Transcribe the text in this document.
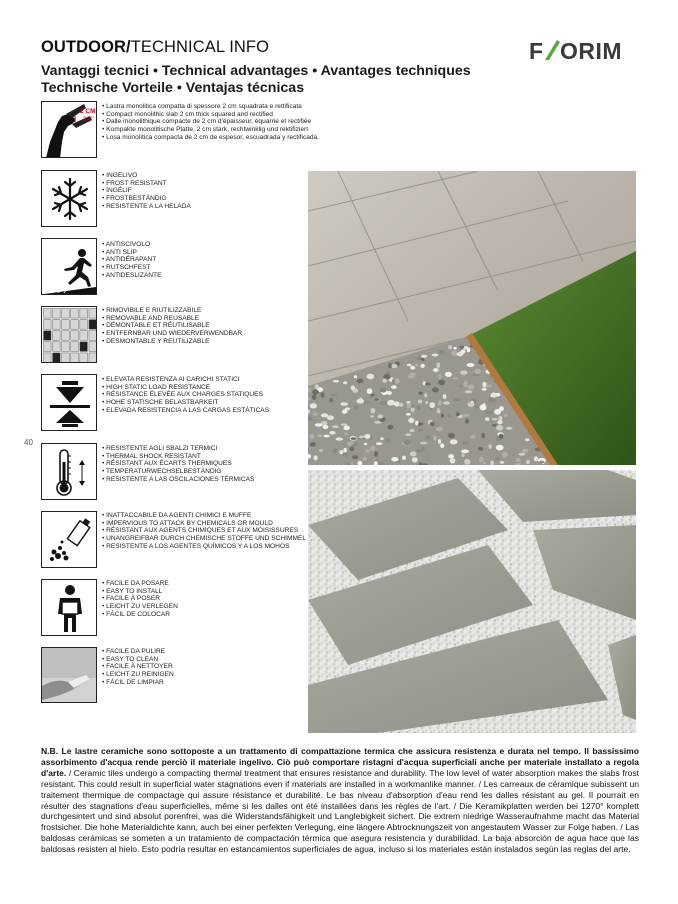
OUTDOOR/TECHNICAL INFO	F ORIM
Vantaggi tecnici • Technical advantages • Avantages techniques
Technische Vorteile • Ventajas técnicas
40
2 CM
3/4"
• Lastra monolitica compatta di spessore 2 cm squadrata e rettificata
• Compact monolithic slab 2 cm thick squared and rectified
• Dalle monolithique compacte de 2 cm d'épaisseur, équarrie et rectifiée
• Kompakte monolitische Platte, 2 cm stark, rechtwinklig und rektifiziert
• Losa monolítica compacta de 2 cm de espesor, escuadrada y rectificada.
• INGELIVO
• FROST RESISTANT
• INGÉLIF
• FROSTBESTÄNDIG
• RESISTENTE A LA HELADA
• ANTISCIVOLO
• ANTI SLIP
• ANTIDÉRAPANT
• RUTSCHFEST
• ANTIDESLIZANTE
• RIMOVIBILE E RIUTILIZZABILE
• REMOVABLE AND REUSABLE
• DÉMONTABLE ET RÉUTILISABLE
• ENTFERNBAR UND WIEDERVERWENDBAR
• DESMONTABLE Y REUTILIZABLE
• ELEVATA RESISTENZA AI CARICHI STATICI
• HIGH STATIC LOAD RESISTANCE
• RÉSISTANCE ÉLEVÉE AUX CHARGES STATIQUES
• HOHE STATISCHE BELASTBARKEIT
• ELEVADA RESISTENCIA A LAS CARGAS ESTÁTICAS
• RESISTENTE AGLI SBALZI TERMICI
• THERMAL SHOCK RESISTANT
• RÉSISTANT AUX ÉCARTS THERMIQUES
• TEMPERATURWECHSELBESTÄNDIG
• RESISTENTE A LAS OSCILACIONES TÉRMICAS
• INATTACCABILE DA AGENTI CHIMICI E MUFFE
• IMPERVIOUS TO ATTACK BY CHEMICALS OR MOULD
• RÉSISTANT AUX AGENTS CHIMIQUES ET AUX MOISISSURES
• UNANGREIFBAR DURCH CHEMISCHE STOFFE UND SCHIMMEL
• RESISTENTE A LOS AGENTES QUÍMICOS Y A LOS MOHOS
• FACILE DA POSARE
• EASY TO INSTALL
• FACILE À POSER
• LEICHT ZU VERLEGEN
• FÁCIL DE COLOCAR
• FACILE DA PULIRE
• EASY TO CLEAN
• FACILE À NETTOYER
• LEICHT ZU REINIGEN
• FÁCIL DE LIMPIAR
N.B. Le lastre ceramiche sono sottoposte a un trattamento di compattazione termica che assicura resistenza e durata nel tempo. Il bassissimo assorbimento d'acqua rende perciò il materiale ingelivo. Ciò può comportare ristagni d'acqua superficiali anche per materiale installato a regola d'arte. / Ceramic tiles undergo a compacting thermal treatment that ensures resistance and durability. The low level of water absorption makes the slabs frost resistant. This could result in superficial water stagnations even if materials are installed in a workmanlike manner. / Les carreaux de céramique subissent un traitement thermique de compactage qui assure résistance et durabilité. Le bas niveau d'absorption d'eau rend les dalles résistant au gel. Il pourrait en résulter des stagnations d'eau superficielles, même si les dalles ont été installées dans les règles de l'art. / Die Keramikplatten werden bei 1270° komplett durchgesintert und sind absolut porenfrei, was die Widerstandsfähigkeit und Langlebigkeit sichert. Die extrem niedrige Wasseraufnahme macht das Material frostsicher. Die hohe Materialdichte kann, auch bei einer perfekten Verlegung, eine längere Abtrocknungszeit von angestautem Wasser zur Folge haben. / Las baldosas cerámicas se someten a un tratamiento de compactación térmica que asegura resistencia y durabilidad. La baja absorción de agua hace que las baldosas resisten al hielo. Esto podría resultar en estancamientos superficiales de agua, incluso si los materiales están instalados según las reglas del arte.
